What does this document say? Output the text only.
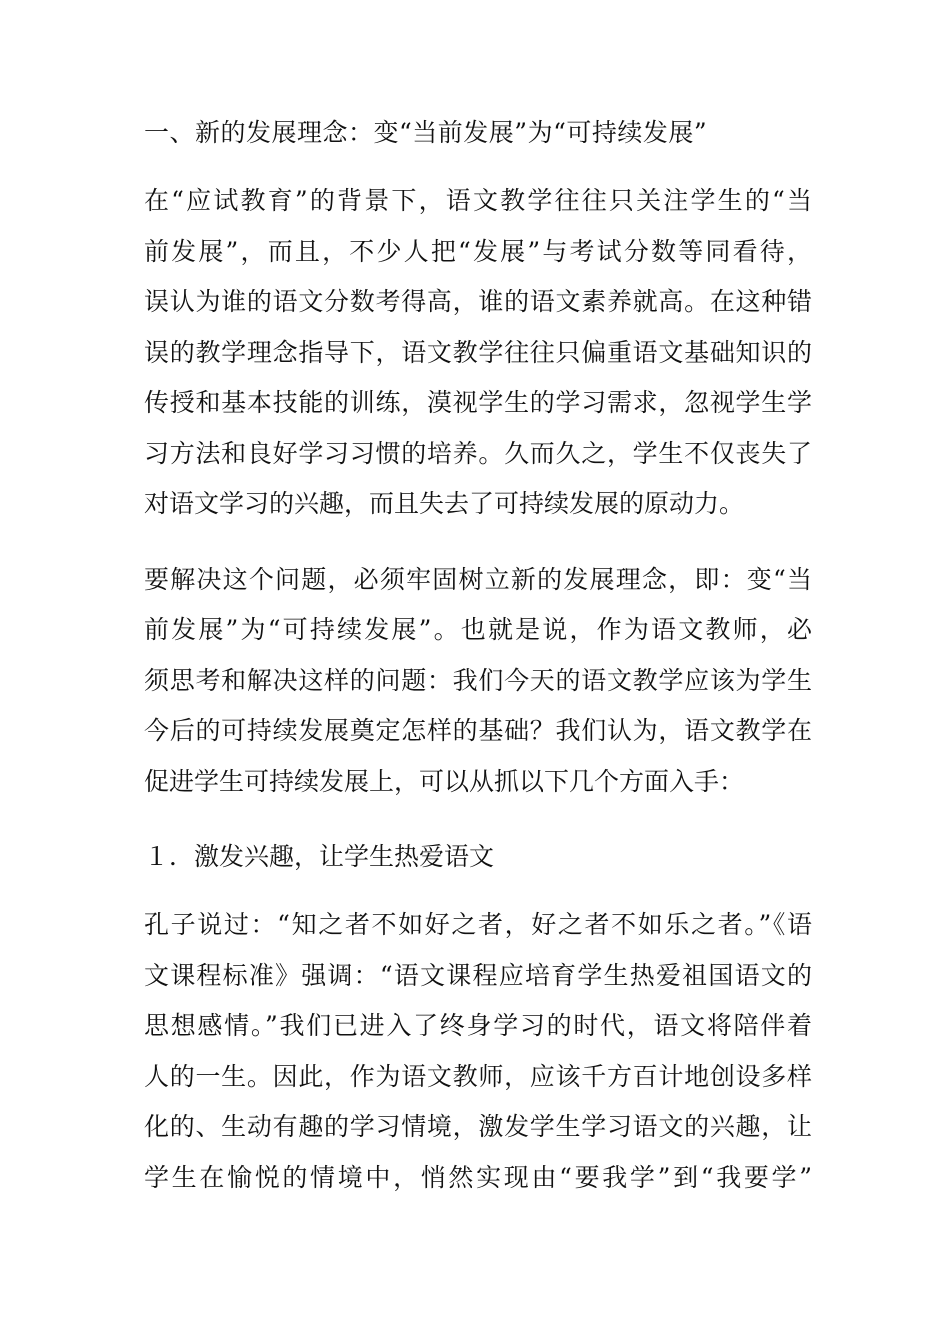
一、新的发展理念：变“当前发展”为“可持续发展”
在“应试教育”的背景下，语文教学往往只关注学生的“当
前发展”，而且，不少人把“发展”与考试分数等同看待，
误认为谁的语文分数考得高，谁的语文素养就高。在这种错
误的教学理念指导下，语文教学往往只偏重语文基础知识的
传授和基本技能的训练，漠视学生的学习需求，忽视学生学
习方法和良好学习习惯的培养。久而久之，学生不仅丧失了
对语文学习的兴趣，而且失去了可持续发展的原动力。
要解决这个问题，必须牢固树立新的发展理念，即：变“当
前发展”为“可持续发展”。也就是说，作为语文教师，必
须思考和解决这样的问题：我们今天的语文教学应该为学生
今后的可持续发展奠定怎样的基础？我们认为，语文教学在
促进学生可持续发展上，可以从抓以下几个方面入手：
１．激发兴趣，让学生热爱语文
孔子说过：“知之者不如好之者，好之者不如乐之者。”《语
文课程标准》强调：“语文课程应培育学生热爱祖国语文的
思想感情。”我们已进入了终身学习的时代，语文将陪伴着
人的一生。因此，作为语文教师，应该千方百计地创设多样
化的、生动有趣的学习情境，激发学生学习语文的兴趣，让
学生在愉悦的情境中，悄然实现由“要我学”到“我要学”
